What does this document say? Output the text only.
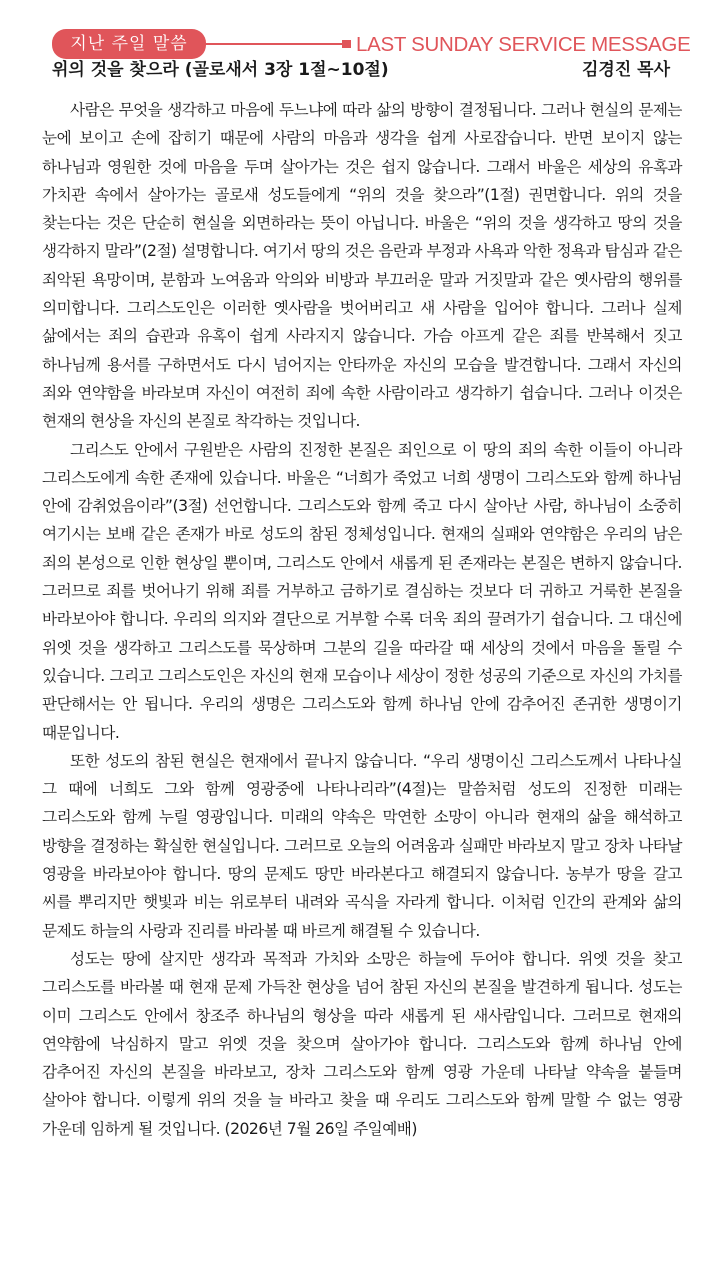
지난 주일 말씀	LAST SUNDAY SERVICE MESSAGE
위의 것을 찾으라 (골로새서 3장 1절~10절)	김경진 목사

사람은 무엇을 생각하고 마음에 두느냐에 따라 삶의 방향이 결정됩니다. 그러나 현실의 문제는 눈에 보이고 손에 잡히기 때문에 사람의 마음과 생각을 쉽게 사로잡습니다. 반면 보이지 않는 하나님과 영원한 것에 마음을 두며 살아가는 것은 쉽지 않습니다. 그래서 바울은 세상의 유혹과 가치관 속에서 살아가는 골로새 성도들에게 “위의 것을 찾으라”(1절) 권면합니다. 위의 것을 찾는다는 것은 단순히 현실을 외면하라는 뜻이 아닙니다. 바울은 “위의 것을 생각하고 땅의 것을 생각하지 말라”(2절) 설명합니다. 여기서 땅의 것은 음란과 부정과 사욕과 악한 정욕과 탐심과 같은 죄악된 욕망이며, 분함과 노여움과 악의와 비방과 부끄러운 말과 거짓말과 같은 옛사람의 행위를 의미합니다. 그리스도인은 이러한 옛사람을 벗어버리고 새 사람을 입어야 합니다. 그러나 실제 삶에서는 죄의 습관과 유혹이 쉽게 사라지지 않습니다. 가슴 아프게 같은 죄를 반복해서 짓고 하나님께 용서를 구하면서도 다시 넘어지는 안타까운 자신의 모습을 발견합니다. 그래서 자신의 죄와 연약함을 바라보며 자신이 여전히 죄에 속한 사람이라고 생각하기 쉽습니다. 그러나 이것은 현재의 현상을 자신의 본질로 착각하는 것입니다.

그리스도 안에서 구원받은 사람의 진정한 본질은 죄인으로 이 땅의 죄의 속한 이들이 아니라 그리스도에게 속한 존재에 있습니다. 바울은 “너희가 죽었고 너희 생명이 그리스도와 함께 하나님 안에 감취었음이라”(3절) 선언합니다. 그리스도와 함께 죽고 다시 살아난 사람, 하나님이 소중히 여기시는 보배 같은 존재가 바로 성도의 참된 정체성입니다. 현재의 실패와 연약함은 우리의 남은 죄의 본성으로 인한 현상일 뿐이며, 그리스도 안에서 새롭게 된 존재라는 본질은 변하지 않습니다. 그러므로 죄를 벗어나기 위해 죄를 거부하고 금하기로 결심하는 것보다 더 귀하고 거룩한 본질을 바라보아야 합니다. 우리의 의지와 결단으로 거부할 수록 더욱 죄의 끌려가기 쉽습니다. 그 대신에 위엣 것을 생각하고 그리스도를 묵상하며 그분의 길을 따라갈 때 세상의 것에서 마음을 돌릴 수 있습니다. 그리고 그리스도인은 자신의 현재 모습이나 세상이 정한 성공의 기준으로 자신의 가치를 판단해서는 안 됩니다. 우리의 생명은 그리스도와 함께 하나님 안에 감추어진 존귀한 생명이기 때문입니다.

또한 성도의 참된 현실은 현재에서 끝나지 않습니다. “우리 생명이신 그리스도께서 나타나실 그 때에 너희도 그와 함께 영광중에 나타나리라”(4절)는 말씀처럼 성도의 진정한 미래는 그리스도와 함께 누릴 영광입니다. 미래의 약속은 막연한 소망이 아니라 현재의 삶을 해석하고 방향을 결정하는 확실한 현실입니다. 그러므로 오늘의 어려움과 실패만 바라보지 말고 장차 나타날 영광을 바라보아야 합니다. 땅의 문제도 땅만 바라본다고 해결되지 않습니다. 농부가 땅을 갈고 씨를 뿌리지만 햇빛과 비는 위로부터 내려와 곡식을 자라게 합니다. 이처럼 인간의 관계와 삶의 문제도 하늘의 사랑과 진리를 바라볼 때 바르게 해결될 수 있습니다.

성도는 땅에 살지만 생각과 목적과 가치와 소망은 하늘에 두어야 합니다. 위엣 것을 찾고 그리스도를 바라볼 때 현재 문제 가득찬 현상을 넘어 참된 자신의 본질을 발견하게 됩니다. 성도는 이미 그리스도 안에서 창조주 하나님의 형상을 따라 새롭게 된 새사람입니다. 그러므로 현재의 연약함에 낙심하지 말고 위엣 것을 찾으며 살아가야 합니다. 그리스도와 함께 하나님 안에 감추어진 자신의 본질을 바라보고, 장차 그리스도와 함께 영광 가운데 나타날 약속을 붙들며 살아야 합니다. 이렇게 위의 것을 늘 바라고 찾을 때 우리도 그리스도와 함께 말할 수 없는 영광 가운데 임하게 될 것입니다. (2026년 7월 26일 주일예배)
